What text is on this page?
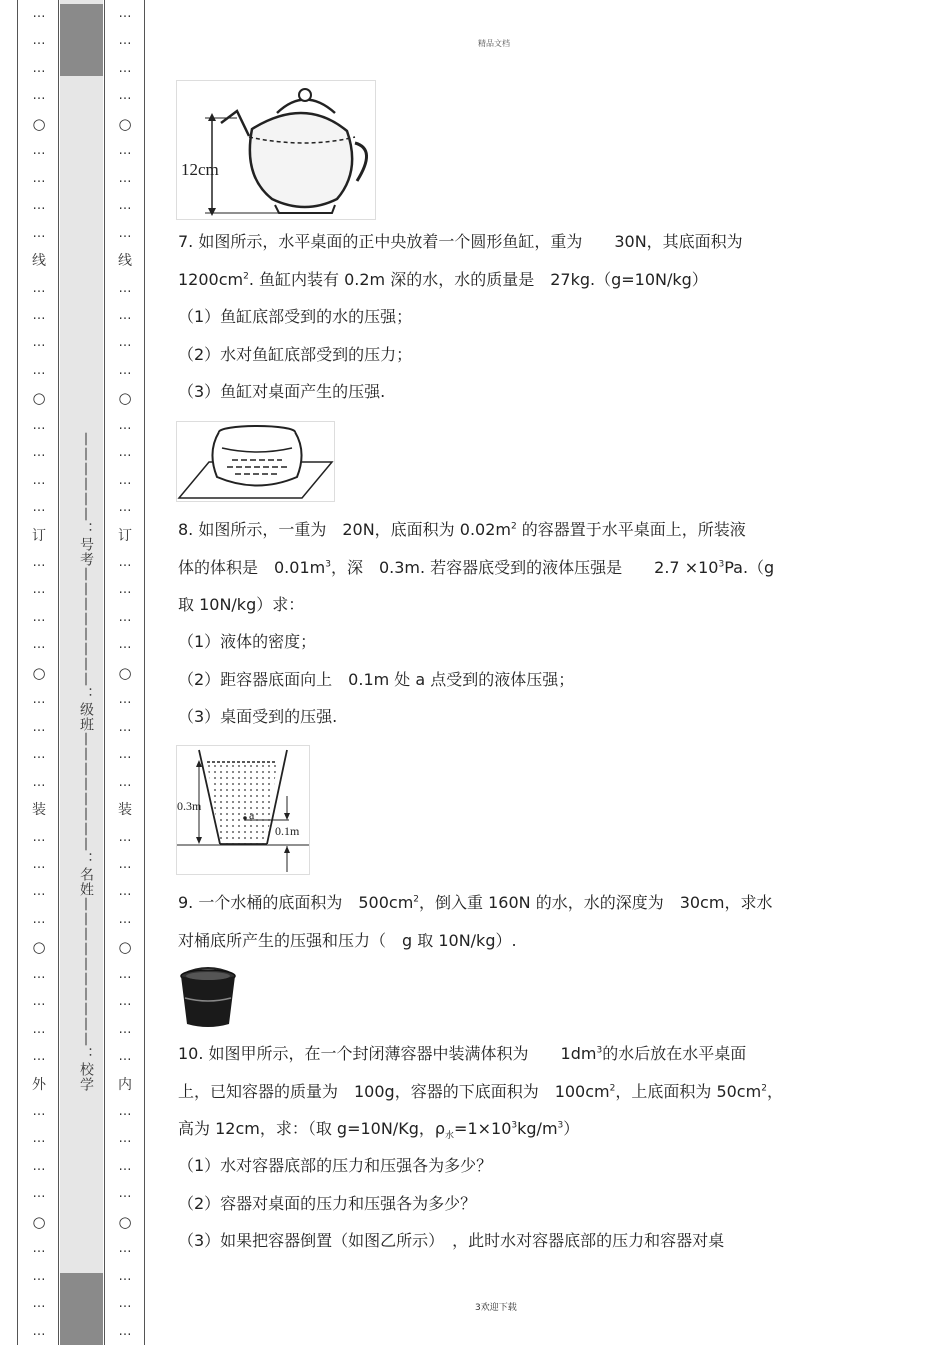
…
…
…
…
○
…
…
…
…
线
…
…
…
…
○
…
…
…
…
订
…
…
…
…
○
…
…
…
…
装
…
…
…
…
○
…
…
…
…
外
…
…
…
…
○
…
…
…
…
…
…
…
…
○
…
…
…
…
线
…
…
…
…
○
…
…
…
…
订
…
…
…
…
○
…
…
…
…
装
…
…
…
…
○
…
…
…
…
内
…
…
…
…
○
…
…
…
…
——————：号考————————：级班————————：名姓——————————：校学
精品文档
3欢迎下载
12cm
7. 如图所示，水平桌面的正中央放着一个圆形鱼缸，重为　　30N，其底面积为
$1200cm^2$. 鱼缸内装有 0.2m 深的水，水的质量是　27kg.（g=10N/kg）
（1）鱼缸底部受到的水的压强；
（2）水对鱼缸底部受到的压力；
（3）鱼缸对桌面产生的压强.
8. 如图所示，一重为　20N，底面积为 $0.02m^2$ 的容器置于水平桌面上，所装液
体的体积是　$0.01m^3$，深　0.3m. 若容器底受到的液体压强是　　$2.7 \times 10^3Pa.(g$
取 10N/kg）求：
（1）液体的密度；
（2）距容器底面向上　0.1m 处 a 点受到的液体压强；
（3）桌面受到的压强.
0.3m
a
0.1m
9. 一个水桶的底面积为　$500cm^2$，倒入重 160N 的水，水的深度为　30cm，求水
对桶底所产生的压强和压力（　g 取 10N/kg）.
10. 如图甲所示，在一个封闭薄容器中装满体积为　　$1dm^3$的水后放在水平桌面
上，已知容器的质量为　100g，容器的下底面积为　$100cm^2$，上底面积为 $50cm^2$，
高为 12cm，求：（取 g=10N/Kg，$\rho_水=1\times 10^3kg/m^3$）
（1）水对容器底部的压力和压强各为多少？
（2）容器对桌面的压力和压强各为多少？
（3）如果把容器倒置（如图乙所示）　，此时水对容器底部的压力和容器对桌
